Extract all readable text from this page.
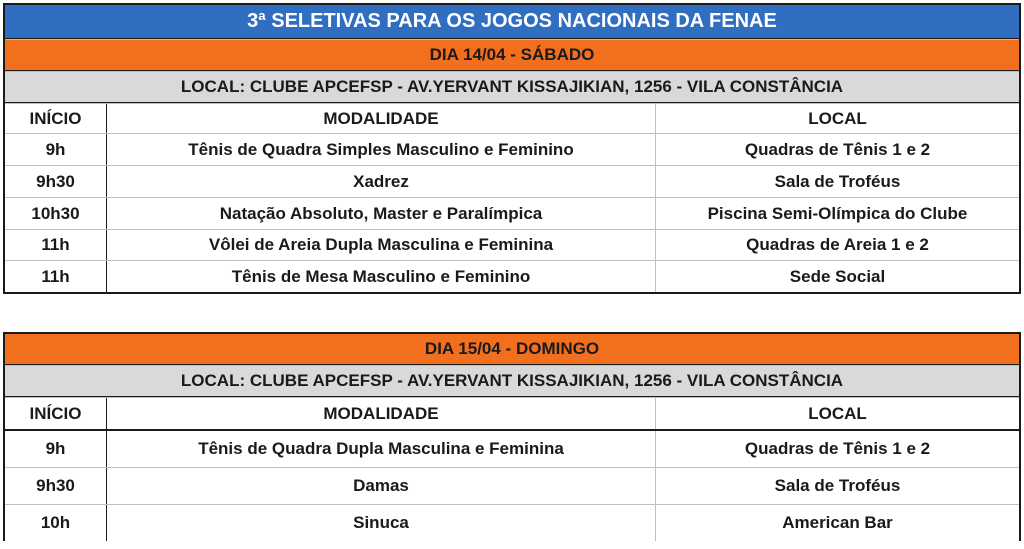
3ª SELETIVAS PARA OS JOGOS NACIONAIS DA FENAE
DIA 14/04 - SÁBADO
LOCAL: CLUBE APCEFSP - AV.YERVANT KISSAJIKIAN, 1256 - VILA CONSTÂNCIA
INÍCIO	MODALIDADE	LOCAL
9h	Tênis de Quadra Simples Masculino e Feminino	Quadras de Tênis 1 e 2
9h30	Xadrez	Sala de Troféus
10h30	Natação Absoluto, Master e Paralímpica	Piscina Semi-Olímpica do Clube
11h	Vôlei de Areia Dupla Masculina e Feminina	Quadras de Areia 1 e 2
11h	Tênis de Mesa Masculino e Feminino	Sede Social
DIA 15/04 - DOMINGO
LOCAL: CLUBE APCEFSP - AV.YERVANT KISSAJIKIAN, 1256 - VILA CONSTÂNCIA
INÍCIO	MODALIDADE	LOCAL
9h	Tênis de Quadra Dupla Masculina e Feminina	Quadras de Tênis 1 e 2
9h30	Damas	Sala de Troféus
10h	Sinuca	American Bar
